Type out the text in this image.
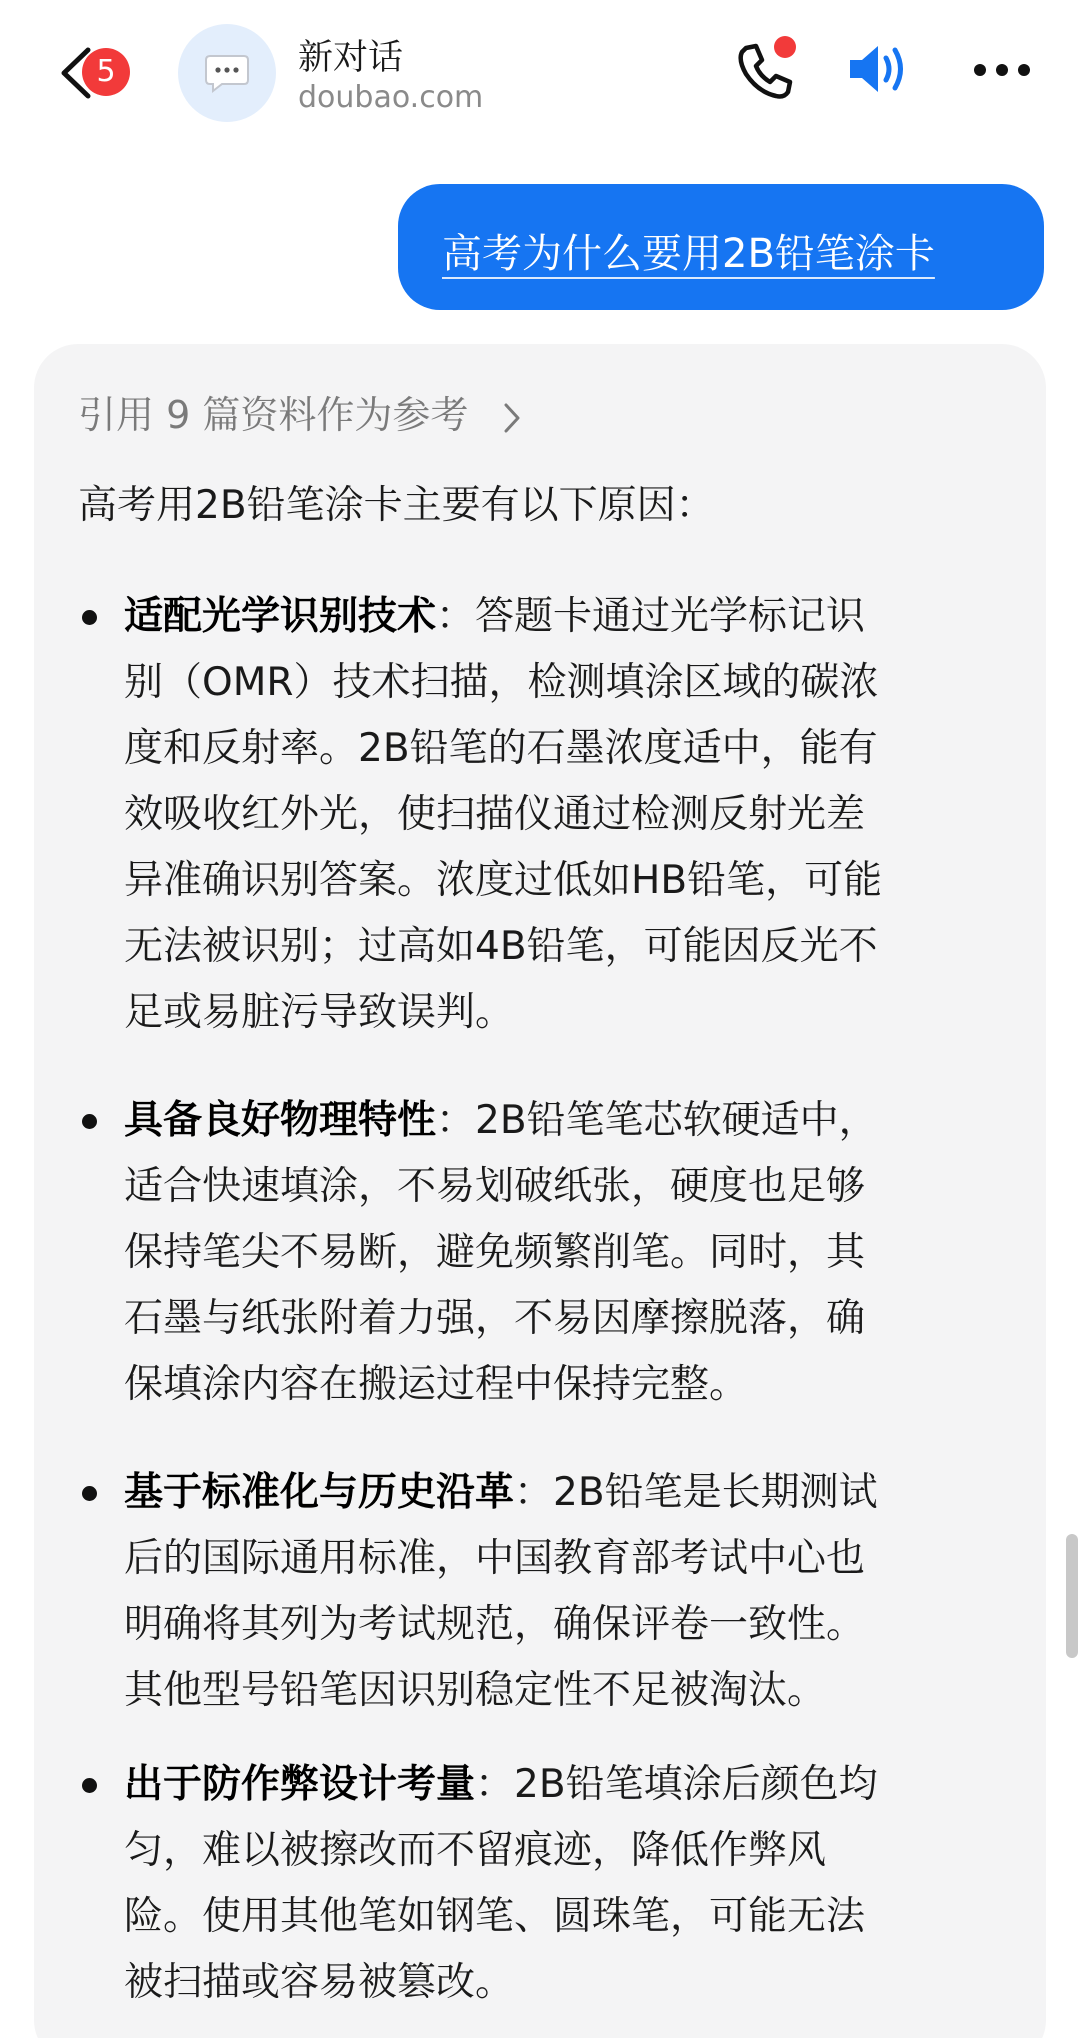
5	新对话
doubao.com
高考为什么要用2B铅笔涂卡
引用 9 篇资料作为参考
高考用2B铅笔涂卡主要有以下原因：
适配光学识别技术：答题卡通过光学标记识
别（OMR）技术扫描，检测填涂区域的碳浓
度和反射率。2B铅笔的石墨浓度适中，能有
效吸收红外光，使扫描仪通过检测反射光差
异准确识别答案。浓度过低如HB铅笔，可能
无法被识别；过高如4B铅笔，可能因反光不
足或易脏污导致误判。
具备良好物理特性：2B铅笔笔芯软硬适中，
适合快速填涂，不易划破纸张，硬度也足够
保持笔尖不易断，避免频繁削笔。同时，其
石墨与纸张附着力强，不易因摩擦脱落，确
保填涂内容在搬运过程中保持完整。
基于标准化与历史沿革：2B铅笔是长期测试
后的国际通用标准，中国教育部考试中心也
明确将其列为考试规范，确保评卷一致性。
其他型号铅笔因识别稳定性不足被淘汰。
出于防作弊设计考量：2B铅笔填涂后颜色均
匀，难以被擦改而不留痕迹，降低作弊风
险。使用其他笔如钢笔、圆珠笔，可能无法
被扫描或容易被篡改。
